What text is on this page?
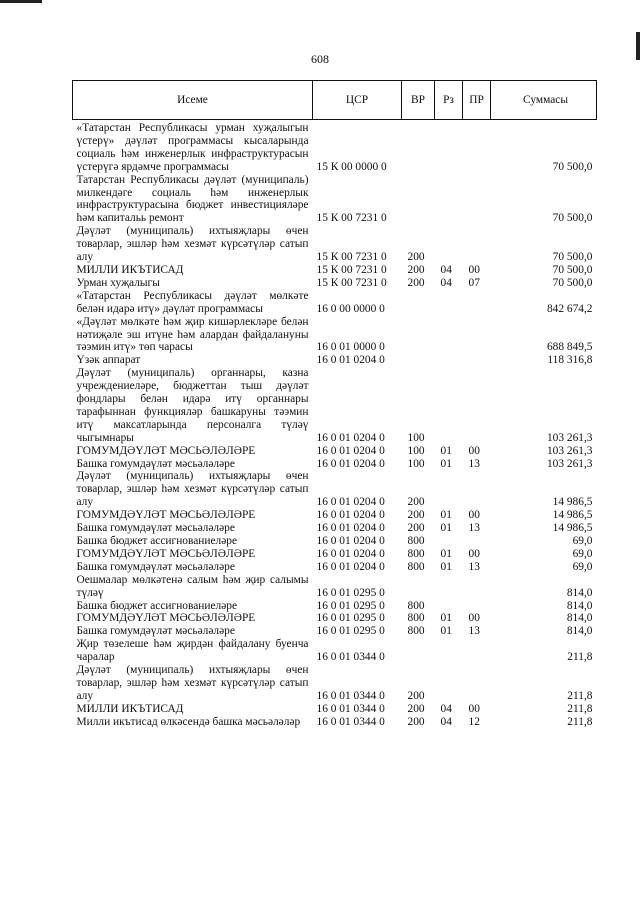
608
Исеме	ЦСР	ВР	Рз	ПР	Суммасы
«Татарстан Республикасы урман хуҗалыгын үстерү» дәүләт программасы кысаларында социаль һәм инженерлык инфраструктурасын үстерүгә ярдәмче программасы	15 К 00 0000 0				70 500,0
Татарстан Республикасы дәүләт (муниципаль) милкендәге социаль һәм инженерлык инфраструктурасына бюджет инвестицияләре һәм капитальь ремонт	15 К 00 7231 0				70 500,0
Дәүләт (муниципаль) ихтыяҗлары өчен товарлар, эшләр һәм хезмәт күрсәтүләр сатып алу	15 К 00 7231 0	200			70 500,0
МИЛЛИ ИКЪТИСАД	15 К 00 7231 0	200	04	00	70 500,0
Урман хуҗалыгы	15 К 00 7231 0	200	04	07	70 500,0
«Татарстан Республикасы дәүләт мөлкәте белән идарә итү» дәүләт программасы	16 0 00 0000 0				842 674,2
«Дәүләт мөлкәте һәм җир кишәрлекләре белән нәтиҗәле эш итүне һәм алардан файдалануны тәэмин итү» төп чарасы	16 0 01 0000 0				688 849,5
Үзәк аппарат	16 0 01 0204 0				118 316,8
Дәүләт (муниципаль) органнары, казна учреждениеләре, бюджеттан тыш дәүләт фондлары белән идарә итү органнары тарафыннан функцияләр башкаруны тәэмин итү максатларында персоналга түләү чыгымнары	16 0 01 0204 0	100			103 261,3
ГОМУМДӘҮЛӘТ МӘСЬӘЛӘЛӘРЕ	16 0 01 0204 0	100	01	00	103 261,3
Башка гомумдәүләт мәсьәләләре	16 0 01 0204 0	100	01	13	103 261,3
Дәүләт (муниципаль) ихтыяҗлары өчен товарлар, эшләр һәм хезмәт күрсәтүләр сатып алу	16 0 01 0204 0	200			14 986,5
ГОМУМДӘҮЛӘТ МӘСЬӘЛӘЛӘРЕ	16 0 01 0204 0	200	01	00	14 986,5
Башка гомумдәүләт мәсьәләләре	16 0 01 0204 0	200	01	13	14 986,5
Башка бюджет ассигнованиеләре	16 0 01 0204 0	800			69,0
ГОМУМДӘҮЛӘТ МӘСЬӘЛӘЛӘРЕ	16 0 01 0204 0	800	01	00	69,0
Башка гомумдәүләт мәсьәләләре	16 0 01 0204 0	800	01	13	69,0
Оешмалар мөлкәтенә салым һәм җир салымы түләү	16 0 01 0295 0				814,0
Башка бюджет ассигнованиеләре	16 0 01 0295 0	800			814,0
ГОМУМДӘҮЛӘТ МӘСЬӘЛӘЛӘРЕ	16 0 01 0295 0	800	01	00	814,0
Башка гомумдәүләт мәсьәләләре	16 0 01 0295 0	800	01	13	814,0
Җир төзелеше һәм җирдән файдалану буенча чаралар	16 0 01 0344 0				211,8
Дәүләт (муниципаль) ихтыяҗлары өчен товарлар, эшләр һәм хезмәт күрсәтүләр сатып алу	16 0 01 0344 0	200			211,8
МИЛЛИ ИКЪТИСАД	16 0 01 0344 0	200	04	00	211,8
Милли икътисад өлкәсендә башка мәсьәләләр	16 0 01 0344 0	200	04	12	211,8
